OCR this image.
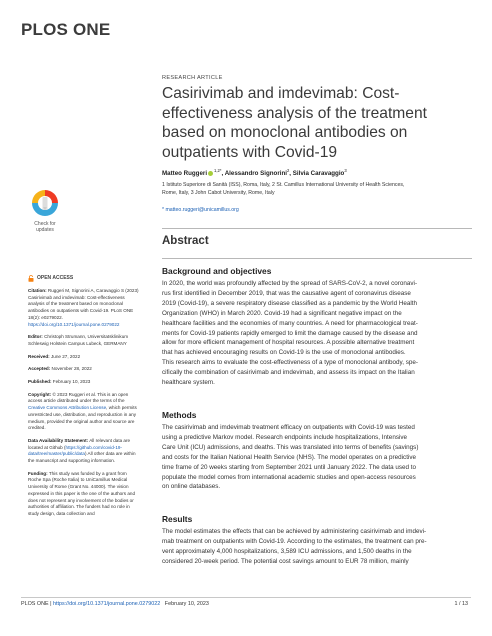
PLOS ONE
RESEARCH ARTICLE
Casirivimab and imdevimab: Cost-effectiveness analysis of the treatment based on monoclonal antibodies on outpatients with Covid-19
Matteo Ruggeri $^{1,2*}$, Alessandro Signorini$^2$, Silvia Caravaggio$^3$
1 Istituto Superiore di Sanità (ISS), Roma, Italy, 2 St. Camillus International University of Health Sciences,
Rome, Italy, 3 John Cabot University, Rome, Italy
* matteo.ruggeri@unicamillus.org
Check for
updates
OPEN ACCESS
Citation: Ruggeri M, Signorini A, Caravaggio S (2023) Casirivimab and imdevimab: Cost-effectiveness analysis of the treatment based on monoclonal antibodies on outpatients with Covid-19. PLoS ONE 18(2): e0279022. https://doi.org/10.1371/journal.pone.0279022
Editor: Christoph Strumann, Universitatsklinikum Schleswig Holstein Campus Lubeck, GERMANY
Received: June 27, 2022
Accepted: November 28, 2022
Published: February 10, 2023
Copyright: © 2023 Ruggeri et al. This is an open access article distributed under the terms of the Creative Commons Attribution License, which permits unrestricted use, distribution, and reproduction in any medium, provided the original author and source are credited.
Data Availability Statement: All relevant data are located at Github (https://github.com/covid-19-data/tree/master/public/data) All other data are within the manuscript and supporting information.
Funding: This study was funded by a grant from Roche Spa (Roche Italia) to UniCamillus Medical University of Rome (Grant No. 44000). The vision expressed in this paper is the one of the authors and does not represent any involvement of the bodies or authorities of affiliation. The funders had no role in study design, data collection and
Abstract
Background and objectives
In 2020, the world was profoundly affected by the spread of SARS-CoV-2, a novel coronavi-
rus first identified in December 2019, that was the causative agent of coronavirus disease
2019 (Covid-19), a severe respiratory disease classified as a pandemic by the World Health
Organization (WHO) in March 2020. Covid-19 had a significant negative impact on the
healthcare facilities and the economies of many countries. A need for pharmacological treat-
ments for Covid-19 patients rapidly emerged to limit the damage caused by the disease and
allow for more efficient management of hospital resources. A possible alternative treatment
that has achieved encouraging results on Covid-19 is the use of monoclonal antibodies.
This research aims to evaluate the cost-effectiveness of a type of monoclonal antibody, spe-
cifically the combination of casirivimab and imdevimab, and assess its impact on the Italian
healthcare system.
Methods
The casirivimab and imdevimab treatment efficacy on outpatients with Covid-19 was tested
using a predictive Markov model. Research endpoints include hospitalizations, Intensive
Care Unit (ICU) admissions, and deaths. This was translated into terms of benefits (savings)
and costs for the Italian National Health Service (NHS). The model operates on a predictive
time frame of 20 weeks starting from September 2021 until January 2022. The data used to
populate the model comes from international academic studies and open-access resources
on online databases.
Results
The model estimates the effects that can be achieved by administering casirivimab and imdevi-
mab treatment on outpatients with Covid-19. According to the estimates, the treatment can pre-
vent approximately 4,000 hospitalizations, 3,589 ICU admissions, and 1,500 deaths in the
considered 20-week period. The potential cost savings amount to EUR 78 million, mainly
PLOS ONE | https://doi.org/10.1371/journal.pone.0279022 February 10, 2023	1 / 13
